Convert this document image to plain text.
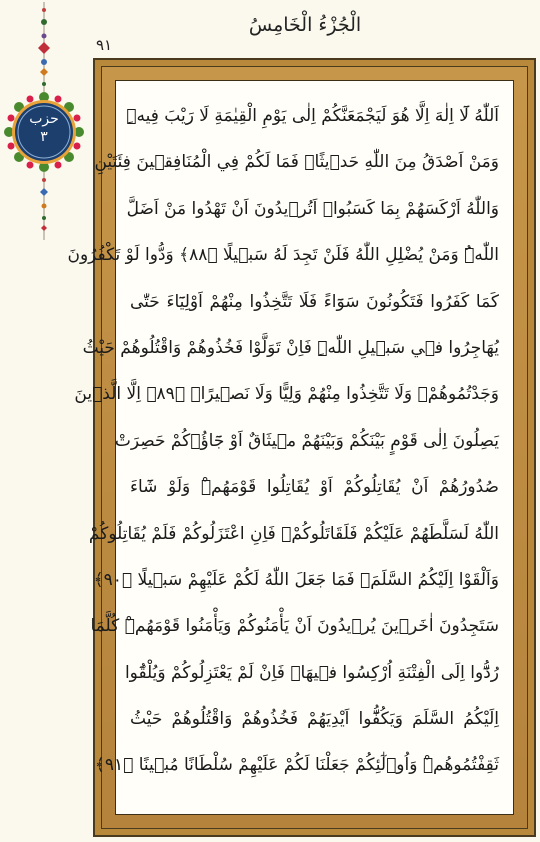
حزب
٣
الْجُزْءُ الْخَامِسُ
٩١
اَللّٰهُ لَٓا اِلٰهَ اِلَّا هُوَ لَيَجْمَعَنَّكُمْ اِلٰى يَوْمِ الْقِيٰمَةِ لَا رَيْبَ فِيهِۜ
وَمَنْ اَصْدَقُ مِنَ اللّٰهِ حَد۪يثًاࣖ فَمَا لَكُمْ فِي الْمُنَافِق۪ينَ فِئَتَيْنِ
وَاللّٰهُ اَرْكَسَهُمْ بِمَا كَسَبُواۜ اَتُر۪يدُونَ اَنْ تَهْدُوا مَنْ اَضَلَّ
اللّٰهُۜ وَمَنْ يُضْلِلِ اللّٰهُ فَلَنْ تَجِدَ لَهُ سَب۪يلًا ﴿٨٨﴾ وَدُّوا لَوْ تَكْفُرُونَ
كَمَا كَفَرُوا فَتَكُونُونَ سَوَٓاءً فَلَا تَتَّخِذُوا مِنْهُمْ اَوْلِيَٓاءَ حَتّٰى
يُهَاجِرُوا ف۪ي سَب۪يلِ اللّٰهِۜ فَاِنْ تَوَلَّوْا فَخُذُوهُمْ وَاقْتُلُوهُمْ حَيْثُ
وَجَدْتُمُوهُمْۖ وَلَا تَتَّخِذُوا مِنْهُمْ وَلِيًّا وَلَا نَص۪يرًاۙ ﴿٨٩﴾ اِلَّا الَّذ۪ينَ
يَصِلُونَ اِلٰى قَوْمٍ بَيْنَكُمْ وَبَيْنَهُمْ م۪يثَاقٌ اَوْ جَٓاؤُ۫كُمْ حَصِرَتْ
صُدُورُهُمْ اَنْ يُقَاتِلُوكُمْ اَوْ يُقَاتِلُوا قَوْمَهُمْۜ وَلَوْ شَٓاءَ
اللّٰهُ لَسَلَّطَهُمْ عَلَيْكُمْ فَلَقَاتَلُوكُمْۚ فَاِنِ اعْتَزَلُوكُمْ فَلَمْ يُقَاتِلُوكُمْ
وَاَلْقَوْا اِلَيْكُمُ السَّلَمَۙ فَمَا جَعَلَ اللّٰهُ لَكُمْ عَلَيْهِمْ سَب۪يلًا ﴿٩٠﴾
سَتَجِدُونَ اٰخَر۪ينَ يُر۪يدُونَ اَنْ يَأْمَنُوكُمْ وَيَأْمَنُوا قَوْمَهُمْۜ كُلَّمَا
رُدُّٓوا اِلَى الْفِتْنَةِ اُرْكِسُوا ف۪يهَاۚ فَاِنْ لَمْ يَعْتَزِلُوكُمْ وَيُلْقُٓوا
اِلَيْكُمُ السَّلَمَ وَيَكُفُّٓوا اَيْدِيَهُمْ فَخُذُوهُمْ وَاقْتُلُوهُمْ حَيْثُ
ثَقِفْتُمُوهُمْۜ وَاُو۬لٰٓئِكُمْ جَعَلْنَا لَكُمْ عَلَيْهِمْ سُلْطَانًا مُب۪ينًا ﴿٩١﴾
